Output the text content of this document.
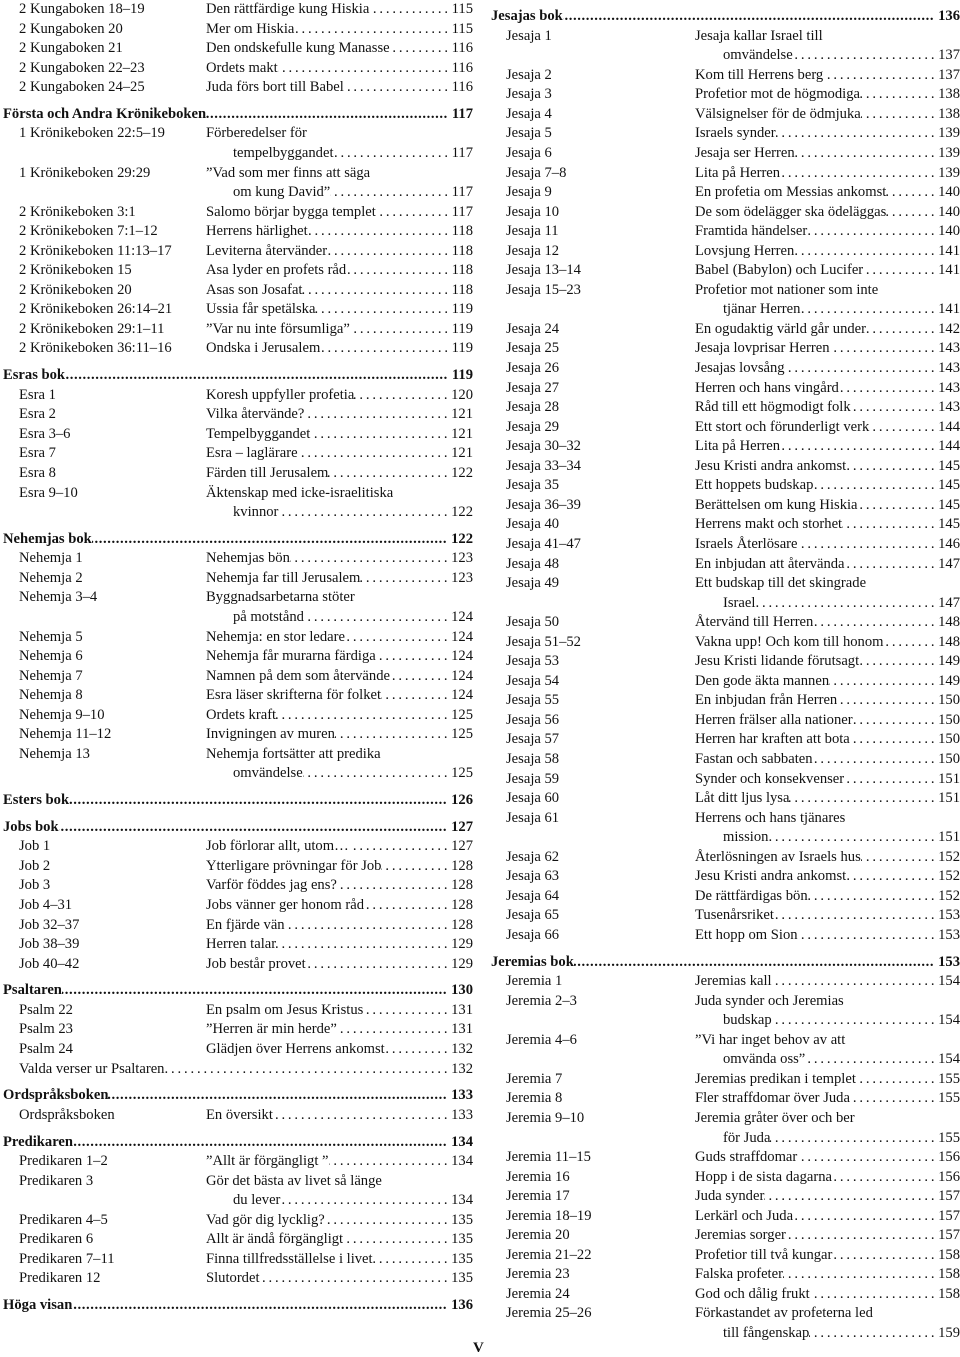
2 Kungaboken 18–19	Den rättfärdige kung Hiskia . . .	115
2 Kungaboken 20	Mer om Hiskia . . .	115
2 Kungaboken 21	Den ondskefulle kung Manasse . . .	116
2 Kungaboken 22–23	Ordets makt . . .	116
2 Kungaboken 24–25	Juda förs bort till Babel . . .	116
Första och Andra Krönikeboken .....	117
1 Krönikeboken 22:5–19	Förberedelser för
tempelbyggandet . . .	117
1 Krönikeboken 29:29	”Vad som mer finns att säga
om kung David” . . .	117
2 Krönikeboken 3:1	Salomo börjar bygga templet . . .	117
2 Krönikeboken 7:1–12	Herrens härlighet . . .	118
2 Krönikeboken 11:13–17 Leviterna återvänder . . .	118
2 Krönikeboken 15	Asa lyder en profets råd . . .	118
2 Krönikeboken 20	Asas son Josafat . . .	118
2 Krönikeboken 26:14–21 Ussia får spetälska . . .	119
2 Krönikeboken 29:1–11	”Var nu inte försumliga” . . .	119
2 Krönikeboken 36:11–16 Ondska i Jerusalem . . .	119
Esras bok .....	119
Esra 1	Koresh uppfyller profetia . . .	120
Esra 2	Vilka återvände? . . .	121
Esra 3–6	Tempelbyggandet . . .	121
Esra 7	Esra – laglärare . . .	121
Esra 8	Färden till Jerusalem . . .	122
Esra 9–10	Äktenskap med icke-israelitiska
kvinnor . . .	122
Nehemjas bok .....	122
Nehemja 1	Nehemjas bön . . .	123
Nehemja 2	Nehemja far till Jerusalem . . .	123
Nehemja 3–4	Byggnadsarbetarna stöter
på motstånd . . .	124
Nehemja 5	Nehemja: en stor ledare . . .	124
Nehemja 6	Nehemja får murarna färdiga . . .	124
Nehemja 7	Namnen på dem som återvände . . .	124
Nehemja 8	Esra läser skrifterna för folket . . .	124
Nehemja 9–10	Ordets kraft . . .	125
Nehemja 11–12	Invigningen av muren . . .	125
Nehemja 13	Nehemja fortsätter att predika
omvändelse . . .	125
Esters bok .....	126
Jobs bok .....	127
Job 1	Job förlorar allt, utom… . . .	127
Job 2	Ytterligare prövningar för Job . . .	128
Job 3	Varför föddes jag ens? . . .	128
Job 4–31	Jobs vänner ger honom råd . . .	128
Job 32–37	En fjärde vän . . .	128
Job 38–39	Herren talar . . .	129
Job 40–42	Job består provet . . .	129
Psaltaren .....	130
Psalm 22	En psalm om Jesus Kristus . . .	131
Psalm 23	”Herren är min herde” . . .	131
Psalm 24	Glädjen över Herrens ankomst . . .	132
Valda verser ur Psaltaren . . .	132
Ordspråksboken .....	133
Ordspråksboken	En översikt . . .	133
Predikaren .....	134
Predikaren 1–2	”Allt är förgängligt ” . . .	134
Predikaren 3	Gör det bästa av livet så länge
du lever . . .	134
Predikaren 4–5	Vad gör dig lycklig? . . .	135
Predikaren 6	Allt är ändå förgängligt . . .	135
Predikaren 7–11	Finna tillfredsställelse i livet . . .	135
Predikaren 12	Slutordet . . .	135
Höga visan .....	136
Jesajas bok .....	136
Jesaja 1	Jesaja kallar Israel till
omvändelse . . .	137
Jesaja 2	Kom till Herrens berg . . .	137
Jesaja 3	Profetior mot de högmodiga . . .	138
Jesaja 4	Välsignelser för de ödmjuka . . .	138
Jesaja 5	Israels synder . . .	139
Jesaja 6	Jesaja ser Herren . . .	139
Jesaja 7–8	Lita på Herren . . .	139
Jesaja 9	En profetia om Messias ankomst . . .	140
Jesaja 10	De som ödelägger ska ödeläggas . . .	140
Jesaja 11	Framtida händelser . . .	140
Jesaja 12	Lovsjung Herren . . .	141
Jesaja 13–14	Babel (Babylon) och Lucifer . . .	141
Jesaja 15–23	Profetior mot nationer som inte
tjänar Herren . . .	141
Jesaja 24	En ogudaktig värld går under . . .	142
Jesaja 25	Jesaja lovprisar Herren . . .	143
Jesaja 26	Jesajas lovsång . . .	143
Jesaja 27	Herren och hans vingård . . .	143
Jesaja 28	Råd till ett högmodigt folk . . .	143
Jesaja 29	Ett stort och förunderligt verk . . .	144
Jesaja 30–32	Lita på Herren . . .	144
Jesaja 33–34	Jesu Kristi andra ankomst . . .	145
Jesaja 35	Ett hoppets budskap . . .	145
Jesaja 36–39	Berättelsen om kung Hiskia . . .	145
Jesaja 40	Herrens makt och storhet . . .	145
Jesaja 41–47	Israels Återlösare . . .	146
Jesaja 48	En inbjudan att återvända . . .	147
Jesaja 49	Ett budskap till det skingrade
Israel . . .	147
Jesaja 50	Återvänd till Herren . . .	148
Jesaja 51–52	Vakna upp! Och kom till honom . . .	148
Jesaja 53	Jesu Kristi lidande förutsagt . . .	149
Jesaja 54	Den gode äkta mannen . . .	149
Jesaja 55	En inbjudan från Herren . . .	150
Jesaja 56	Herren frälser alla nationer . . .	150
Jesaja 57	Herren har kraften att bota . . .	150
Jesaja 58	Fastan och sabbaten . . .	150
Jesaja 59	Synder och konsekvenser . . .	151
Jesaja 60	Låt ditt ljus lysa . . .	151
Jesaja 61	Herrens och hans tjänares
mission . . .	151
Jesaja 62	Återlösningen av Israels hus . . .	152
Jesaja 63	Jesu Kristi andra ankomst . . .	152
Jesaja 64	De rättfärdigas bön . . .	152
Jesaja 65	Tusenårsriket . . .	153
Jesaja 66	Ett hopp om Sion . . .	153
Jeremias bok .....	153
Jeremia 1	Jeremias kall . . .	154
Jeremia 2–3	Juda synder och Jeremias
budskap . . .	154
Jeremia 4–6	”Vi har inget behov av att
omvända oss” . . .	154
Jeremia 7	Jeremias predikan i templet . . .	155
Jeremia 8	Fler straffdomar över Juda . . .	155
Jeremia 9–10	Jeremia gråter över och ber
för Juda . . .	155
Jeremia 11–15	Guds straffdomar . . .	156
Jeremia 16	Hopp i de sista dagarna . . .	156
Jeremia 17	Juda synder . . .	157
Jeremia 18–19	Lerkärl och Juda . . .	157
Jeremia 20	Jeremias sorger . . .	157
Jeremia 21–22	Profetior till två kungar . . .	158
Jeremia 23	Falska profeter . . .	158
Jeremia 24	God och dålig frukt . . .	158
Jeremia 25–26	Förkastandet av profeterna led
till fångenskap . . .	159
V
